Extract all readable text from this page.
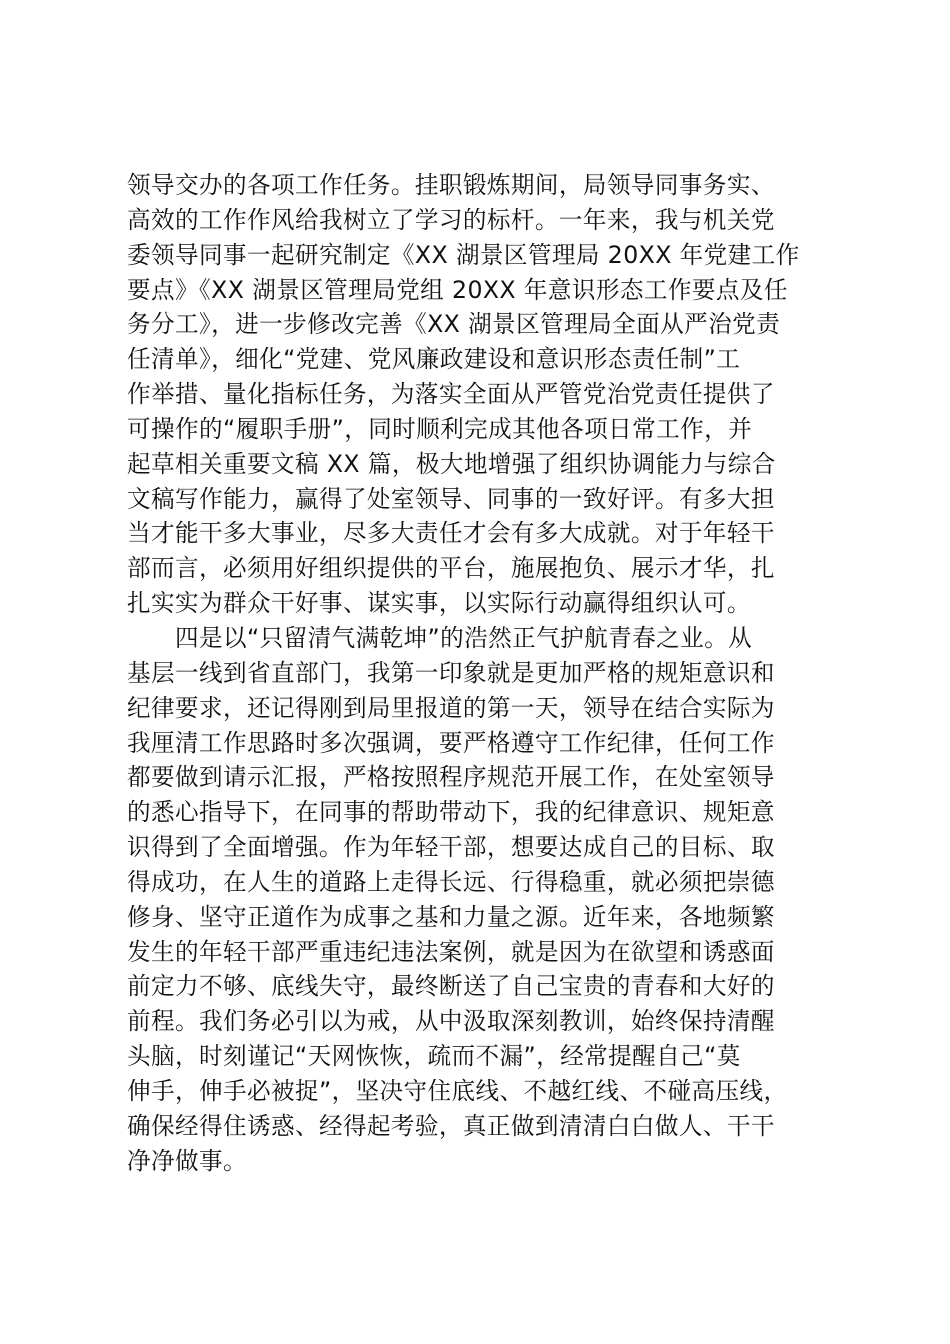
领导交办的各项工作任务。挂职锻炼期间，局领导同事务实、
高效的工作作风给我树立了学习的标杆。一年来，我与机关党
委领导同事一起研究制定《XX 湖景区管理局 20XX 年党建工作
要点》《XX 湖景区管理局党组 20XX 年意识形态工作要点及任
务分工》，进一步修改完善《XX 湖景区管理局全面从严治党责
任清单》，细化“党建、党风廉政建设和意识形态责任制”工
作举措、量化指标任务，为落实全面从严管党治党责任提供了
可操作的“履职手册”，同时顺利完成其他各项日常工作，并
起草相关重要文稿 XX 篇，极大地增强了组织协调能力与综合
文稿写作能力，赢得了处室领导、同事的一致好评。有多大担
当才能干多大事业，尽多大责任才会有多大成就。对于年轻干
部而言，必须用好组织提供的平台，施展抱负、展示才华，扎
扎实实为群众干好事、谋实事，以实际行动赢得组织认可。
四是以“只留清气满乾坤”的浩然正气护航青春之业。从
基层一线到省直部门，我第一印象就是更加严格的规矩意识和
纪律要求，还记得刚到局里报道的第一天，领导在结合实际为
我厘清工作思路时多次强调，要严格遵守工作纪律，任何工作
都要做到请示汇报，严格按照程序规范开展工作，在处室领导
的悉心指导下，在同事的帮助带动下，我的纪律意识、规矩意
识得到了全面增强。作为年轻干部，想要达成自己的目标、取
得成功，在人生的道路上走得长远、行得稳重，就必须把崇德
修身、坚守正道作为成事之基和力量之源。近年来，各地频繁
发生的年轻干部严重违纪违法案例，就是因为在欲望和诱惑面
前定力不够、底线失守，最终断送了自己宝贵的青春和大好的
前程。我们务必引以为戒，从中汲取深刻教训，始终保持清醒
头脑，时刻谨记“天网恢恢，疏而不漏”，经常提醒自己“莫
伸手，伸手必被捉”，坚决守住底线、不越红线、不碰高压线，
确保经得住诱惑、经得起考验，真正做到清清白白做人、干干
净净做事。
